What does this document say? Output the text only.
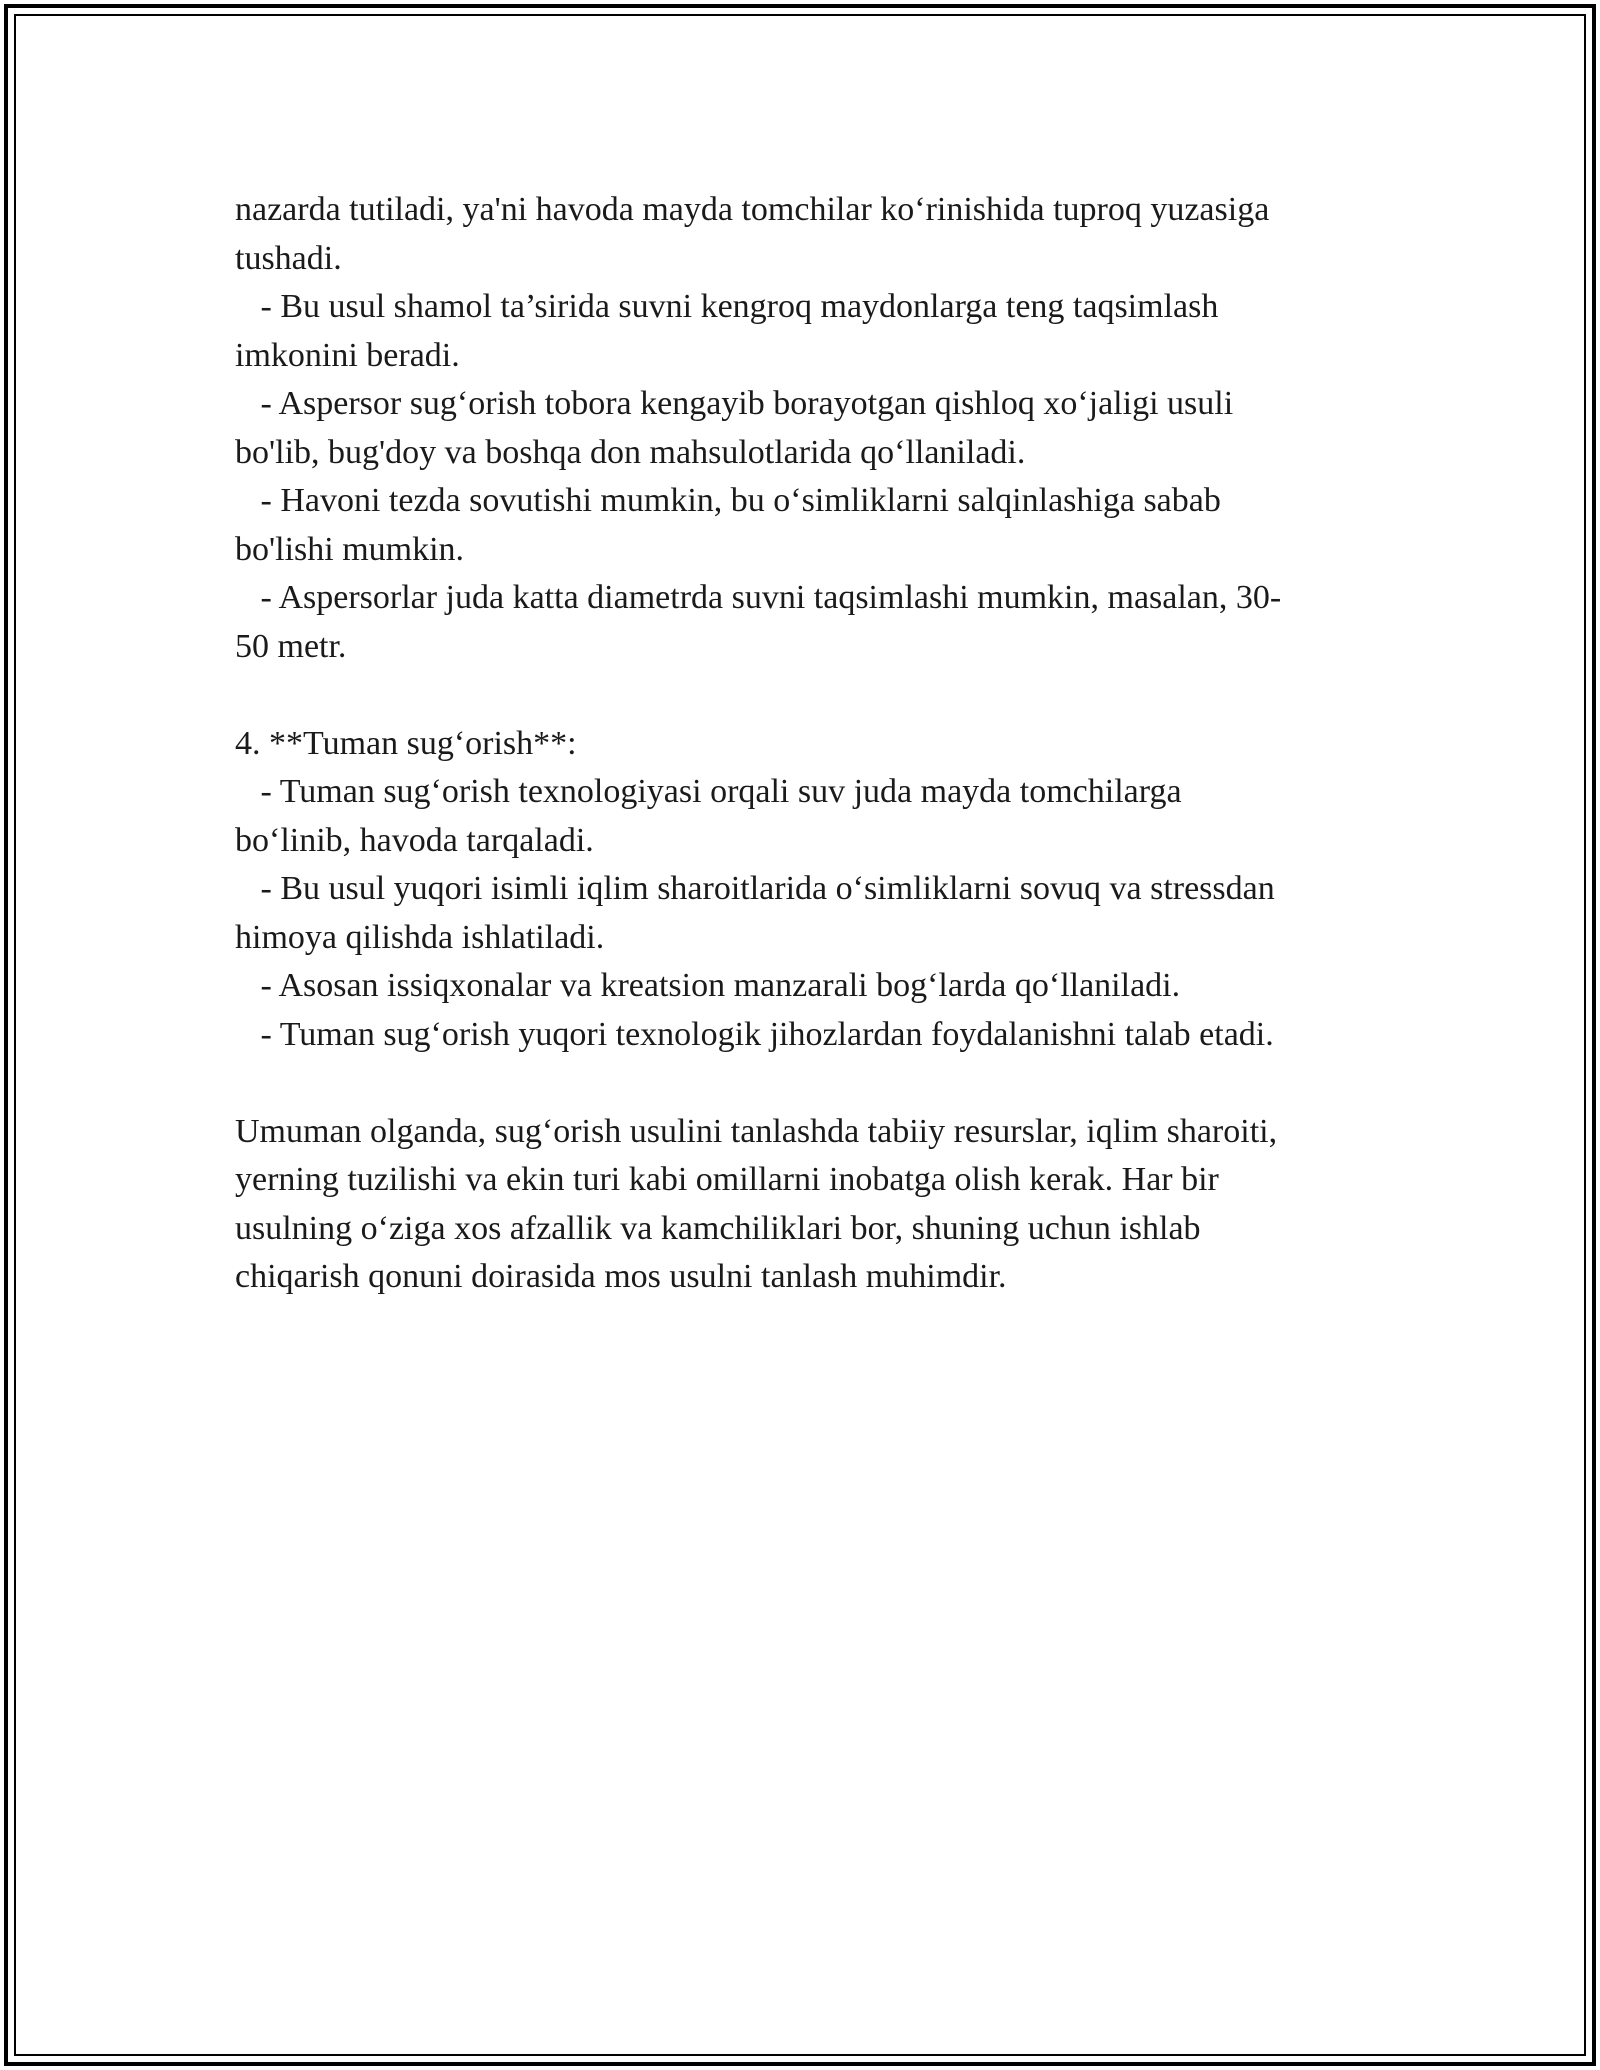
nazarda tutiladi, ya'ni havoda mayda tomchilar ko‘rinishida tuproq yuzasiga

tushadi.

- Bu usul shamol ta’sirida suvni kengroq maydonlarga teng taqsimlash

imkonini beradi.

- Aspersor sug‘orish tobora kengayib borayotgan qishloq xo‘jaligi usuli

bo'lib, bug'doy va boshqa don mahsulotlarida qo‘llaniladi.

- Havoni tezda sovutishi mumkin, bu o‘simliklarni salqinlashiga sabab

bo'lishi mumkin.

- Aspersorlar juda katta diametrda suvni taqsimlashi mumkin, masalan, 30-

50 metr.

4. **Tuman sug‘orish**:

- Tuman sug‘orish texnologiyasi orqali suv juda mayda tomchilarga

bo‘linib, havoda tarqaladi.

- Bu usul yuqori isimli iqlim sharoitlarida o‘simliklarni sovuq va stressdan

himoya qilishda ishlatiladi.

- Asosan issiqxonalar va kreatsion manzarali bog‘larda qo‘llaniladi.

- Tuman sug‘orish yuqori texnologik jihozlardan foydalanishni talab etadi.

Umuman olganda, sug‘orish usulini tanlashda tabiiy resurslar, iqlim sharoiti,

yerning tuzilishi va ekin turi kabi omillarni inobatga olish kerak. Har bir

usulning o‘ziga xos afzallik va kamchiliklari bor, shuning uchun ishlab

chiqarish qonuni doirasida mos usulni tanlash muhimdir.
